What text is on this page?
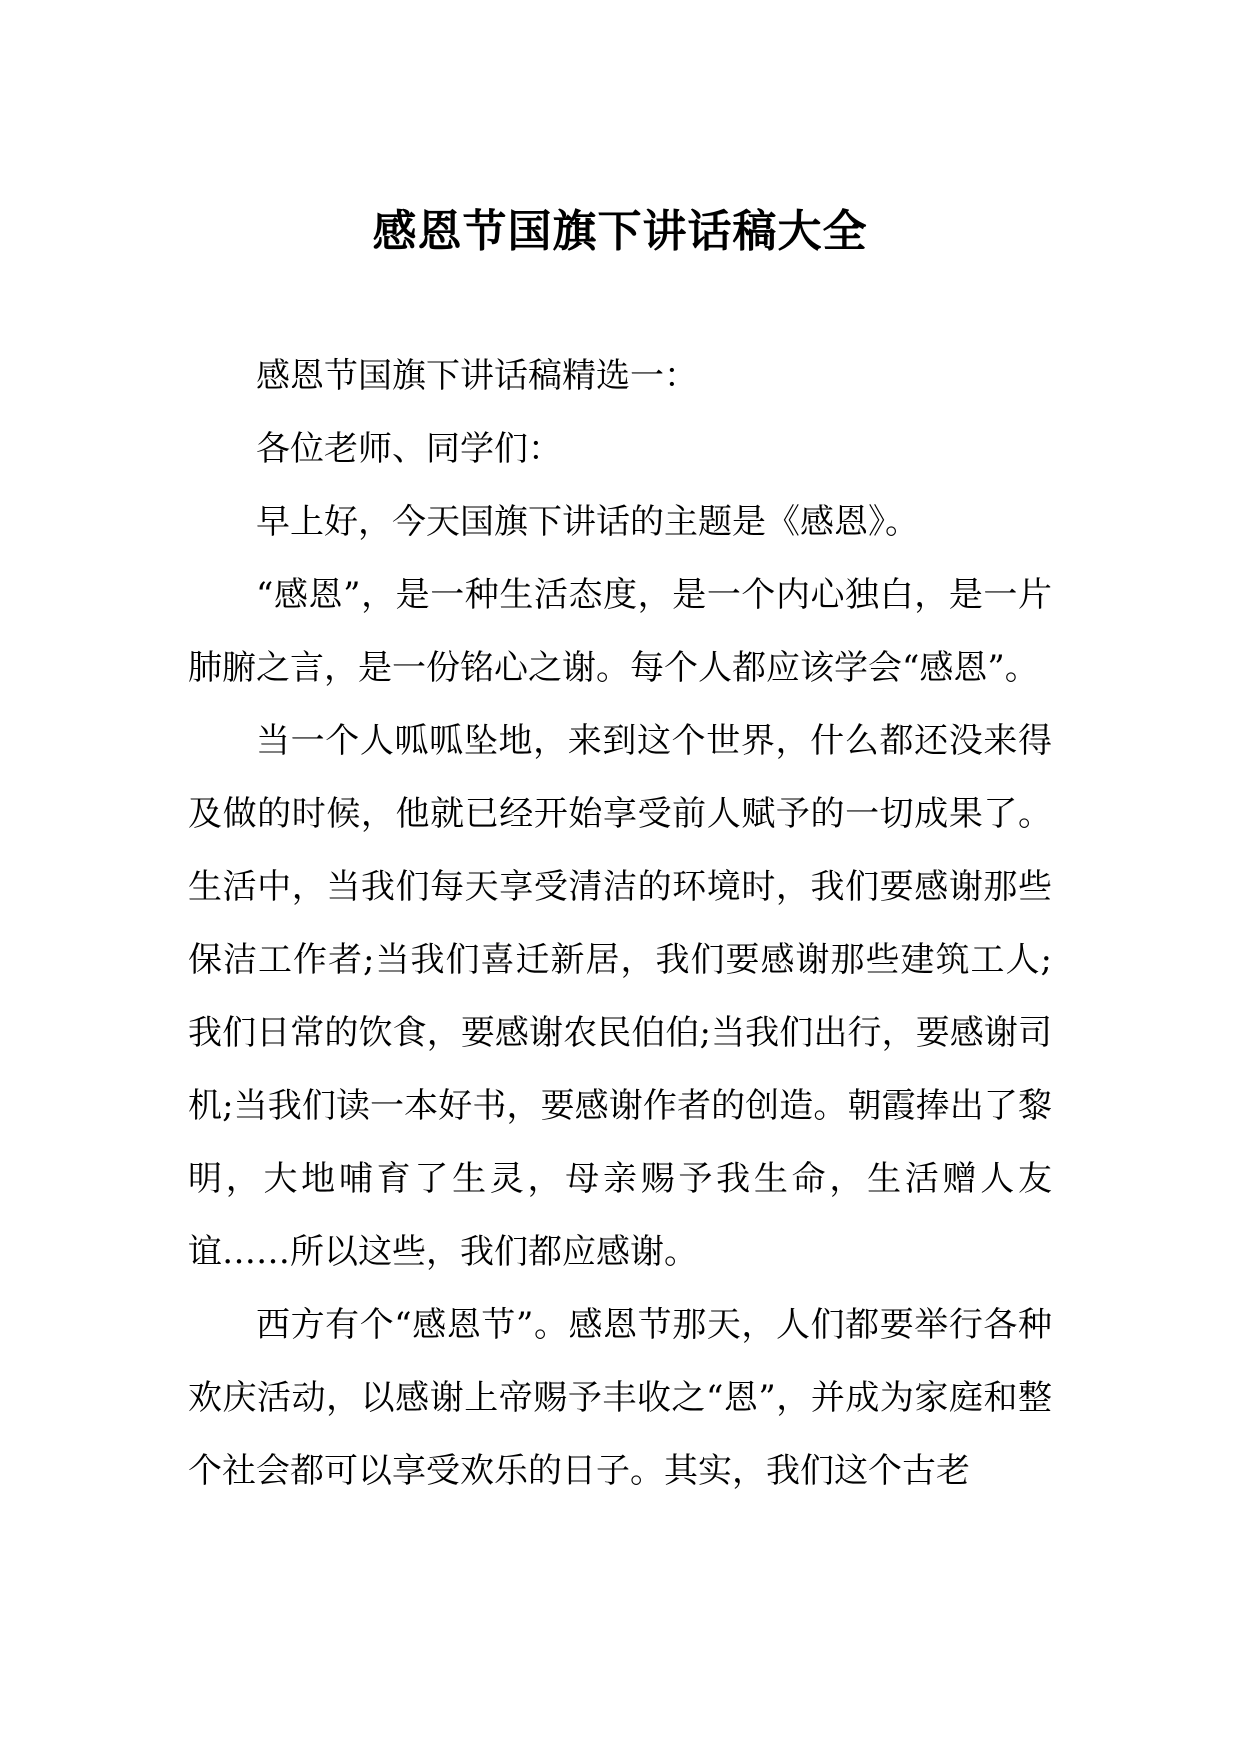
感恩节国旗下讲话稿大全

感恩节国旗下讲话稿精选一：

各位老师、同学们：

早上好，今天国旗下讲话的主题是《感恩》。

“感恩”，是一种生活态度，是一个内心独白，是一片肺腑之言，是一份铭心之谢。每个人都应该学会“感恩”。

当一个人呱呱坠地，来到这个世界，什么都还没来得及做的时候，他就已经开始享受前人赋予的一切成果了。生活中，当我们每天享受清洁的环境时，我们要感谢那些保洁工作者;当我们喜迁新居，我们要感谢那些建筑工人;我们日常的饮食，要感谢农民伯伯;当我们出行，要感谢司机;当我们读一本好书，要感谢作者的创造。朝霞捧出了黎明，大地哺育了生灵，母亲赐予我生命，生活赠人友谊……所以这些，我们都应感谢。

西方有个“感恩节”。感恩节那天，人们都要举行各种欢庆活动，以感谢上帝赐予丰收之“恩”，并成为家庭和整个社会都可以享受欢乐的日子。其实，我们这个古老
